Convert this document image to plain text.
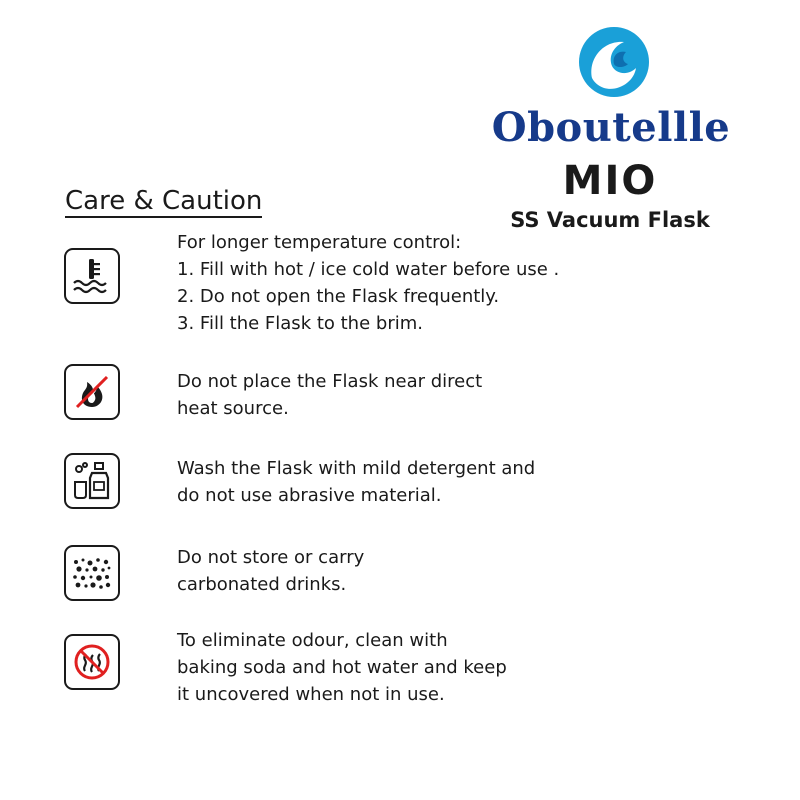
Oboutellle
MIO
SS Vacuum Flask
Care & Caution
For longer temperature control:
1. Fill with hot / ice cold water before use .
2. Do not open the Flask frequently.
3. Fill the Flask to the brim.
Do not place the Flask near direct
heat source.
Wash the Flask with mild detergent and
do not use abrasive material.
Do not store or carry
carbonated drinks.
To eliminate odour, clean with
baking soda and hot water and keep
it uncovered when not in use.
